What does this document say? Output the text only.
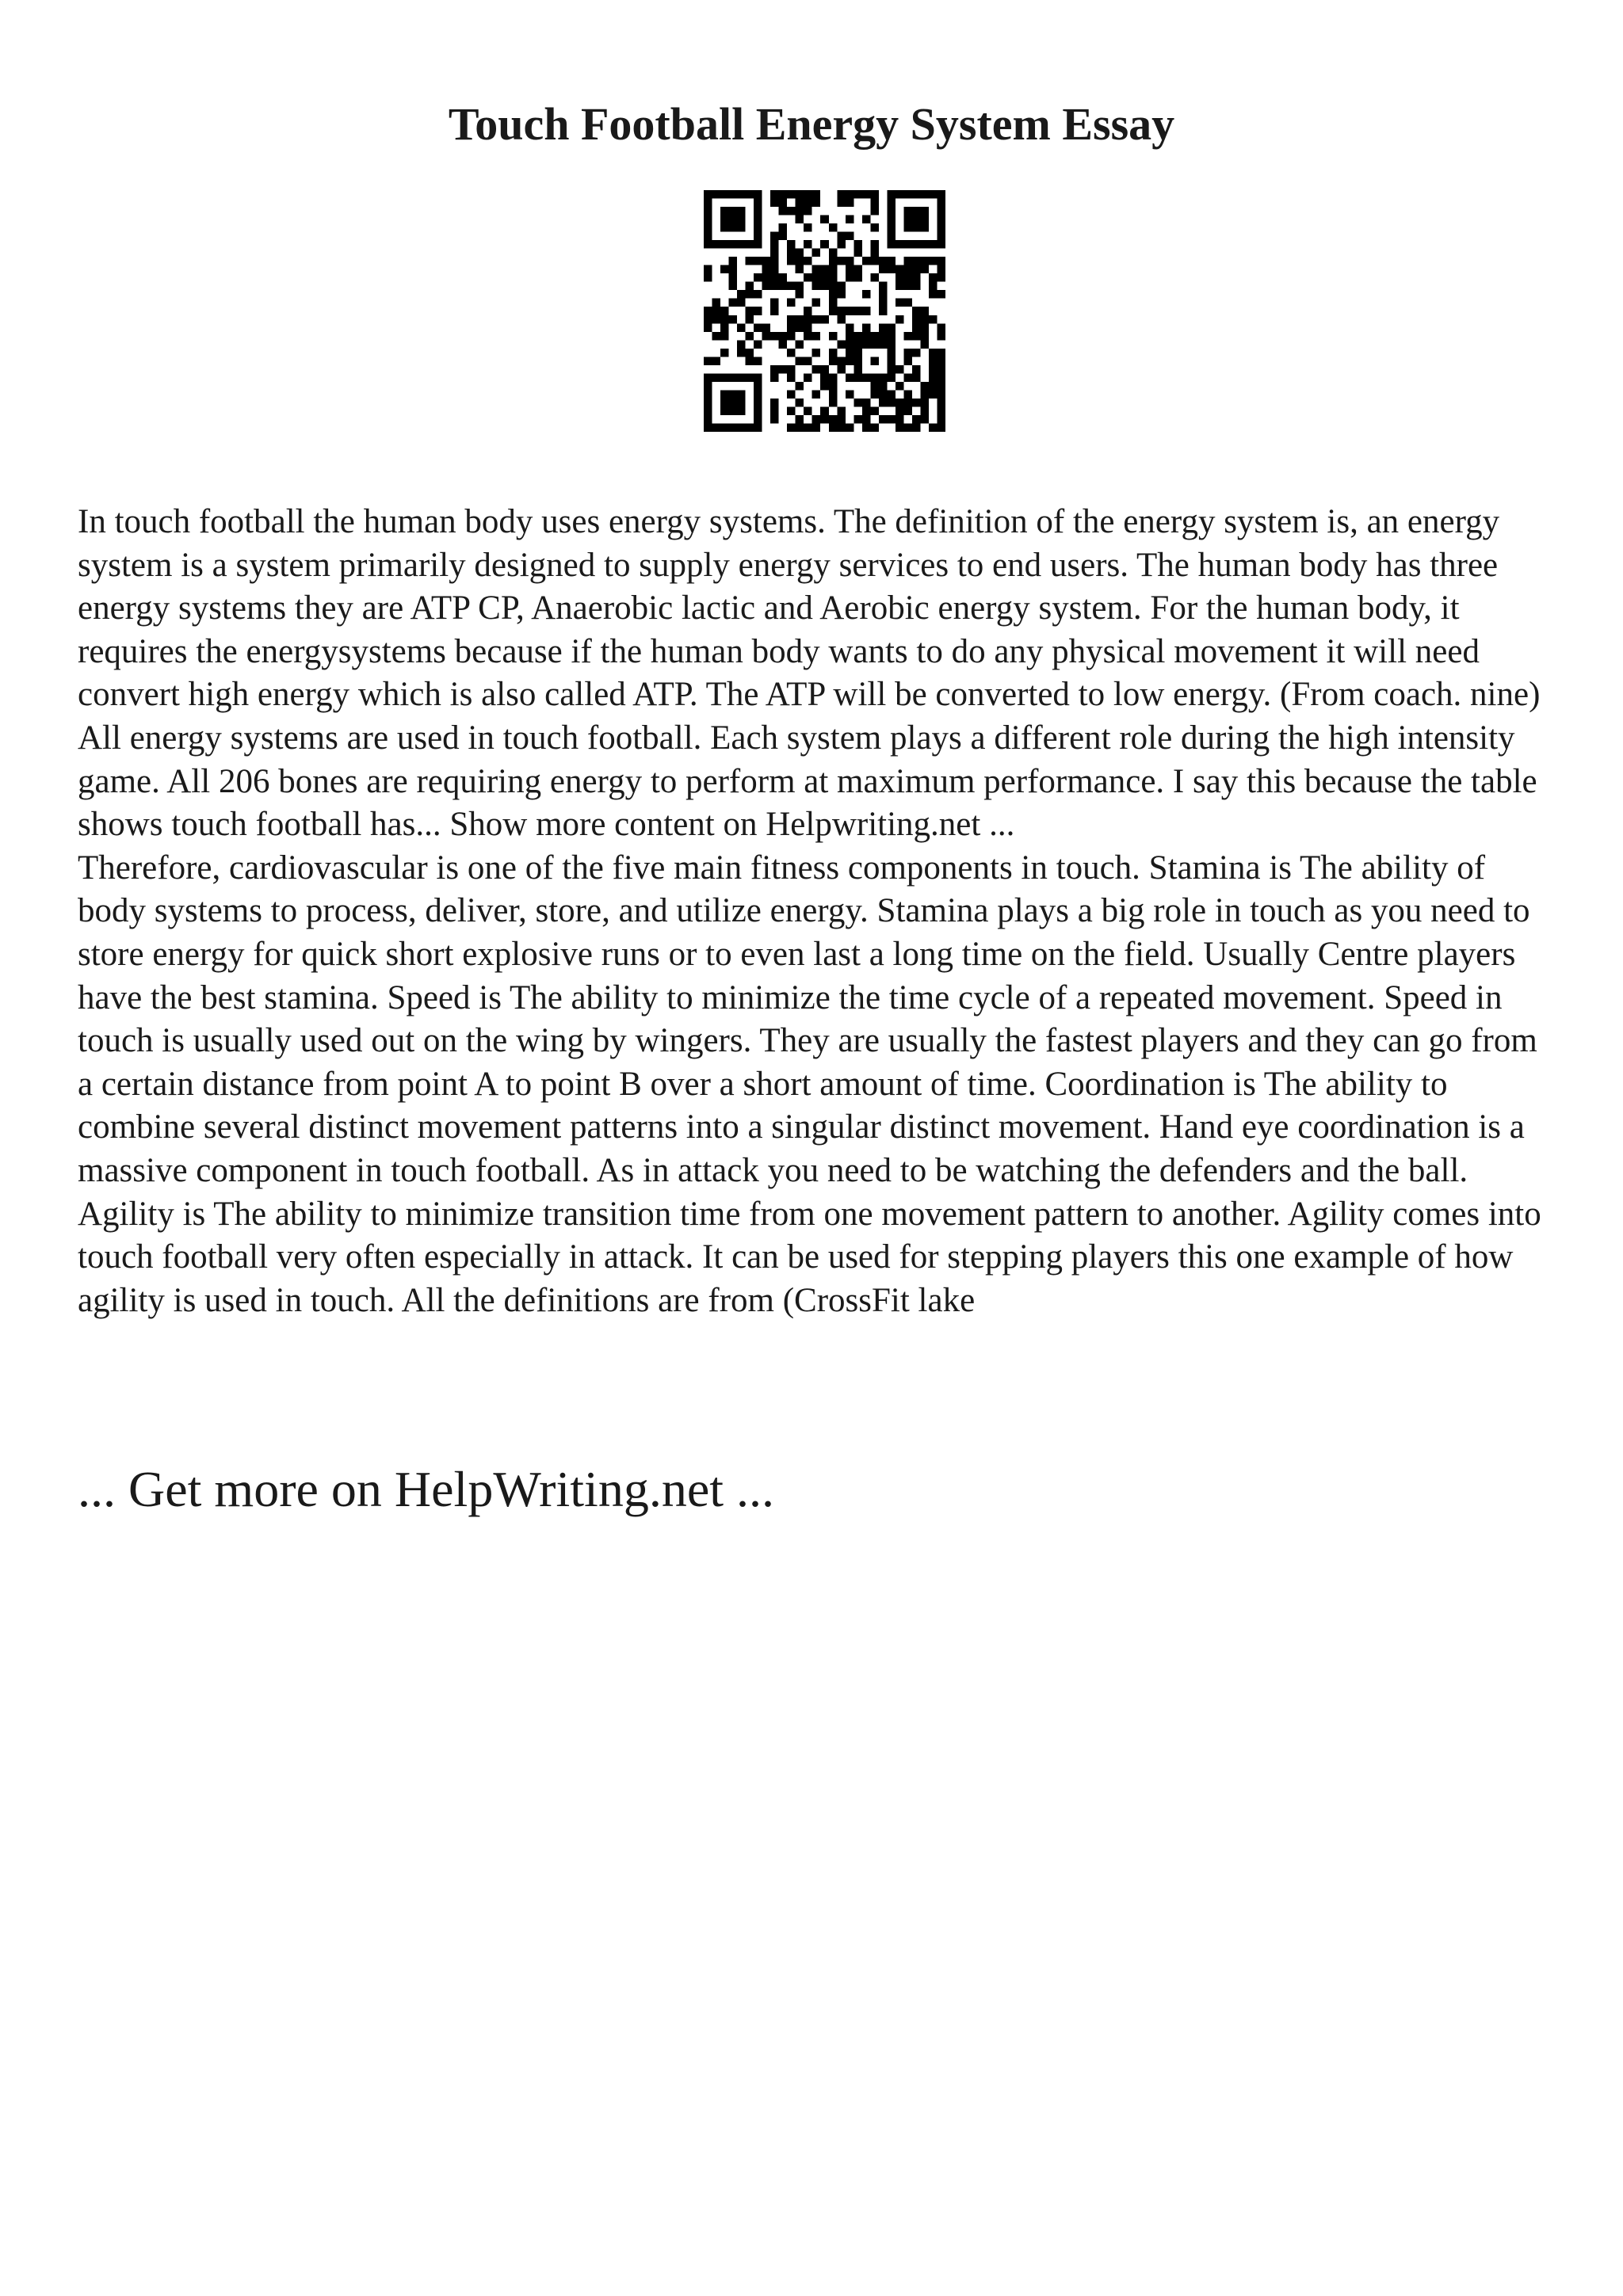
Touch Football Energy System Essay

In touch football the human body uses energy systems. The definition of the energy system is, an energy system is a system primarily designed to supply energy services to end users. The human body has three energy systems they are ATP CP, Anaerobic lactic and Aerobic energy system. For the human body, it requires the energysystems because if the human body wants to do any physical movement it will need convert high energy which is also called ATP. The ATP will be converted to low energy. (From coach. nine) All energy systems are used in touch football. Each system plays a different role during the high intensity game. All 206 bones are requiring energy to perform at maximum performance. I say this because the table shows touch football has... Show more content on Helpwriting.net ...

Therefore, cardiovascular is one of the five main fitness components in touch. Stamina is The ability of body systems to process, deliver, store, and utilize energy. Stamina plays a big role in touch as you need to store energy for quick short explosive runs or to even last a long time on the field. Usually Centre players have the best stamina. Speed is The ability to minimize the time cycle of a repeated movement. Speed in touch is usually used out on the wing by wingers. They are usually the fastest players and they can go from a certain distance from point A to point B over a short amount of time. Coordination is The ability to combine several distinct movement patterns into a singular distinct movement. Hand eye coordination is a massive component in touch football. As in attack you need to be watching the defenders and the ball. Agility is The ability to minimize transition time from one movement pattern to another. Agility comes into touch football very often especially in attack. It can be used for stepping players this one example of how agility is used in touch. All the definitions are from (CrossFit lake

... Get more on HelpWriting.net ...
